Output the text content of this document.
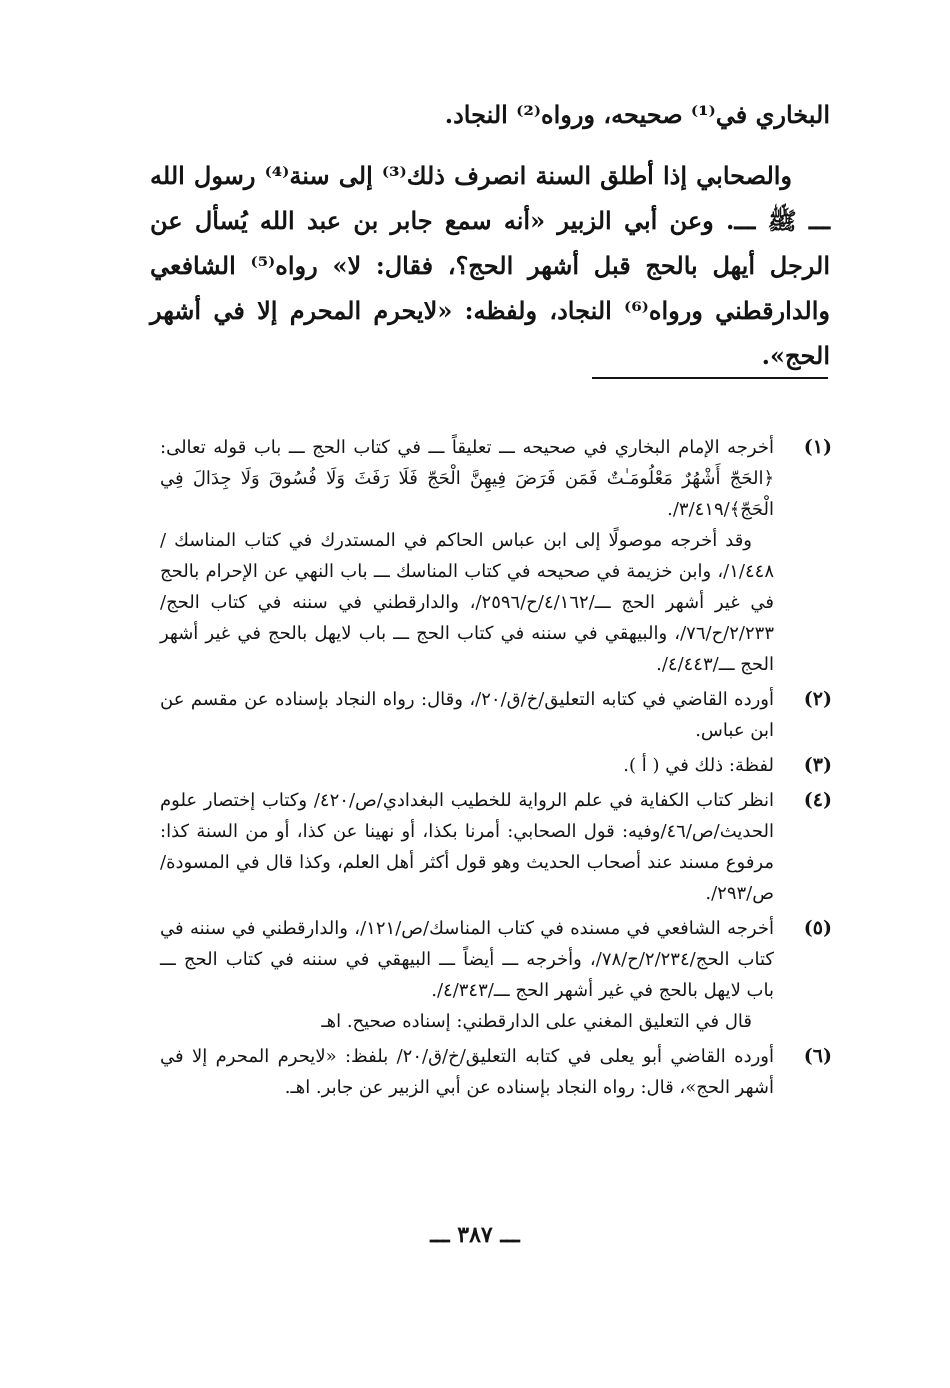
البخاري في⁽¹⁾ صحيحه، ورواه⁽²⁾ النجاد.

والصحابي إذا أطلق السنة انصرف ذلك⁽³⁾ إلى سنة⁽⁴⁾ رسول الله ـــ ﷺ ـــ. وعن أبي الزبير «أنه سمع جابر بن عبد الله يُسأل عن الرجل أيهل بالحج قبل أشهر الحج؟، فقال: لا» رواه⁽⁵⁾ الشافعي والدارقطني ورواه⁽⁶⁾ النجاد، ولفظه: «لايحرم المحرم إلا في أشهر الحج».

(١)

أخرجه الإمام البخاري في صحيحه ـــ تعليقاً ـــ في كتاب الحج ـــ باب قوله تعالى: ﴿الحَجّ أَشْهُرٌ مَعْلُومَـٰتٌ فَمَن فَرَضَ فِيهِنَّ الْحَجّ فَلَا رَفَثَ وَلَا فُسُوقَ وَلَا جِدَالَ فِي الْحَجّ﴾/٣/٤١٩/.

وقد أخرجه موصولًا إلى ابن عباس الحاكم في المستدرك في كتاب المناسك /١/٤٤٨/، وابن خزيمة في صحيحه في كتاب المناسك ـــ باب النهي عن الإحرام بالحج في غير أشهر الحج ـــ/٤/١٦٢/ح/٢٥٩٦/، والدارقطني في سننه في كتاب الحج/٢/٢٣٣/ح/٧٦/، والبيهقي في سننه في كتاب الحج ـــ باب لايهل بالحج في غير أشهر الحج ـــ/٤/٤٤٣/.

(٢)

أورده القاضي في كتابه التعليق/خ/ق/٢٠/، وقال: رواه النجاد بإسناده عن مقسم عن ابن عباس.

(٣)

لفظة: ذلك في ( أ ).

(٤)

انظر كتاب الكفاية في علم الرواية للخطيب البغدادي/ص/٤٢٠/ وكتاب إختصار علوم الحديث/ص/٤٦/وفيه: قول الصحابي: أمرنا بكذا، أو نهينا عن كذا، أو من السنة كذا: مرفوع مسند عند أصحاب الحديث وهو قول أكثر أهل العلم، وكذا قال في المسودة/ص/٢٩٣/.

(٥)

أخرجه الشافعي في مسنده في كتاب المناسك/ص/١٢١/، والدارقطني في سننه في كتاب الحج/٢/٢٣٤/ح/٧٨/، وأخرجه ـــ أيضاً ـــ البيهقي في سننه في كتاب الحج ـــ باب لايهل بالحج في غير أشهر الحج ـــ/٤/٣٤٣/.

قال في التعليق المغني على الدارقطني: إسناده صحيح. اهـ

(٦)

أورده القاضي أبو يعلى في كتابه التعليق/خ/ق/٢٠/ بلفظ: «لايحرم المحرم إلا في أشهر الحج»، قال: رواه النجاد بإسناده عن أبي الزبير عن جابر. اهـ.

ـــ ٣٨٧ ـــ
